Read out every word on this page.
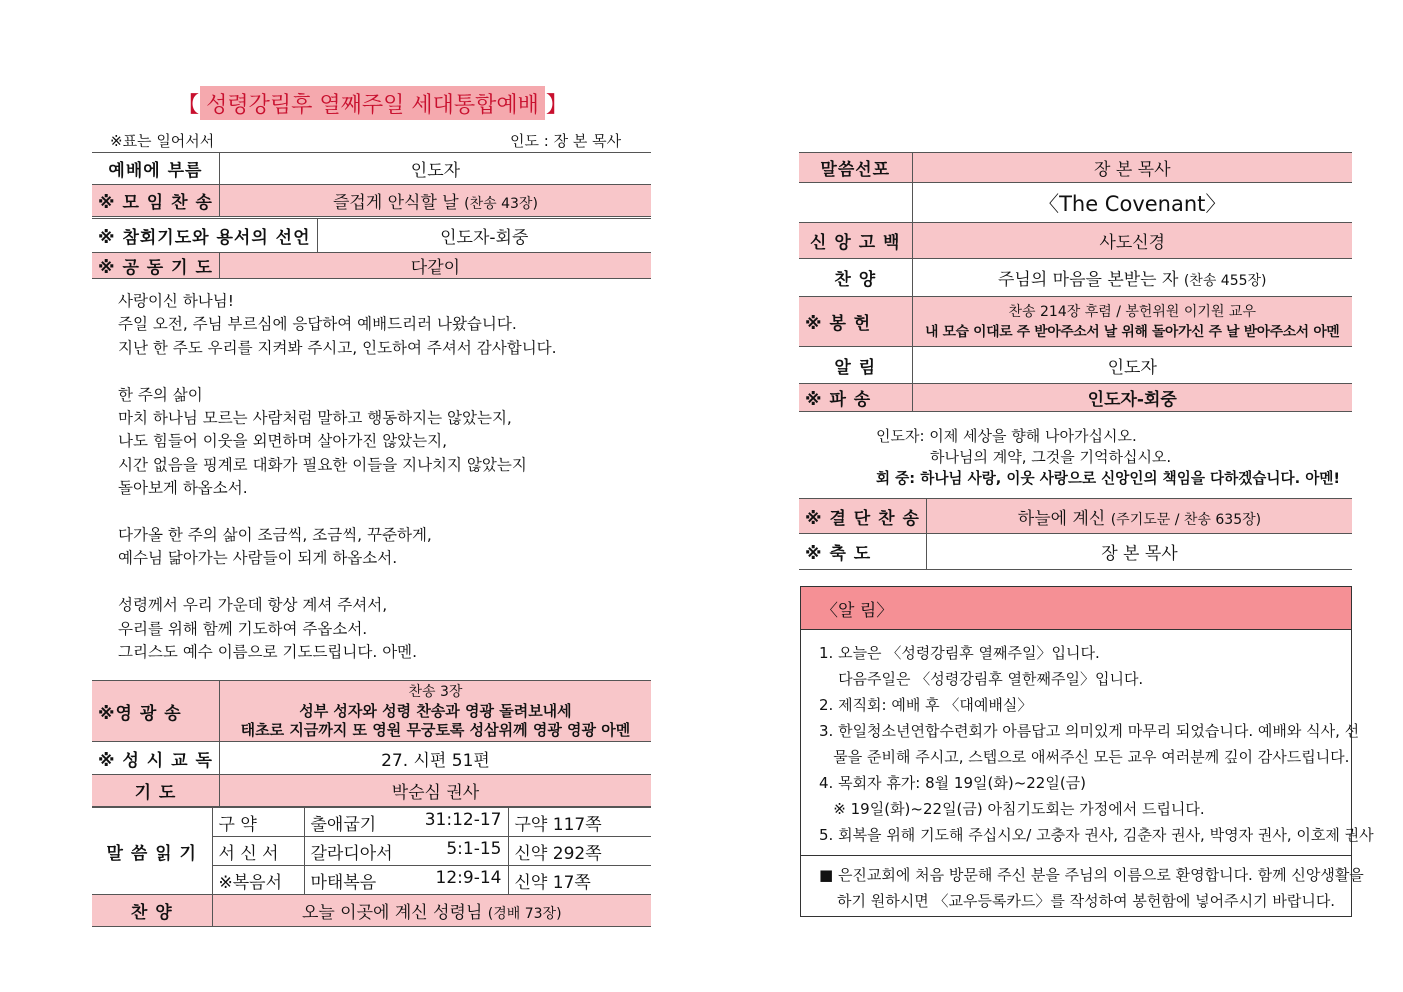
【 성령강림후 열째주일 세대통합예배 】
※표는 일어서서	인도 : 장 본 목사
예배에 부름	인도자
※ 모 임 찬 송	즐겁게 안식할 날 (찬송 43장)
※ 참회기도와 용서의 선언	인도자-회중
※ 공 동 기 도	다같이

사랑이신 하나님!

주일 오전, 주님 부르심에 응답하여 예배드리러 나왔습니다.

지난 한 주도 우리를 지켜봐 주시고, 인도하여 주셔서 감사합니다.

한 주의 삶이

마치 하나님 모르는 사람처럼 말하고 행동하지는 않았는지,

나도 힘들어 이웃을 외면하며 살아가진 않았는지,

시간 없음을 핑계로 대화가 필요한 이들을 지나치지 않았는지

돌아보게 하옵소서.

다가올 한 주의 삶이 조금씩, 조금씩, 꾸준하게,

예수님 닮아가는 사람들이 되게 하옵소서.

성령께서 우리 가운데 항상 계셔 주셔서,

우리를 위해 함께 기도하여 주옵소서.

그리스도 예수 이름으로 기도드립니다. 아멘.

※영 광 송	찬송 3장
성부 성자와 성령 찬송과 영광 돌려보내세
태초로 지금까지 또 영원 무궁토록 성삼위께 영광 영광 아멘

※ 성 시 교 독	27. 시편 51편
기 도	박순심 권사
말 씀 읽 기	구 약	출애굽기 31:12-17	구약 117쪽
	서 신 서	갈라디아서 5:1-15	신약 292쪽
	※복음서	마태복음 12:9-14	신약 17쪽
찬 양	오늘 이곳에 계신 성령님 (경배 73장)		
말씀선포	장 본 목사
	〈The Covenant〉
신 앙 고 백	사도신경
찬 양	주님의 마음을 본받는 자 (찬송 455장)
※ 봉 헌	찬송 214장 후렴 / 봉헌위원 이기원 교우
내 모습 이대로 주 받아주소서 날 위해 돌아가신 주 날 받아주소서 아멘

알 림	인도자
※ 파 송	인도자-회중
인도자: 이제 세상을 향해 나아가십시오.
하나님의 계약, 그것을 기억하십시오.
회 중: 하나님 사랑, 이웃 사랑으로 신앙인의 책임을 다하겠습니다. 아멘!
※ 결 단 찬 송	하늘에 계신 (주기도문 / 찬송 635장)
※ 축 도	장 본 목사
〈알 림〉
1. 오늘은 〈성령강림후 열째주일〉입니다.
다음주일은 〈성령강림후 열한째주일〉입니다.
2. 제직회: 예배 후 〈대예배실〉
3. 한일청소년연합수련회가 아름답고 의미있게 마무리 되었습니다. 예배와 식사, 선
물을 준비해 주시고, 스텝으로 애써주신 모든 교우 여러분께 깊이 감사드립니다.
4. 목회자 휴가: 8월 19일(화)~22일(금)
※ 19일(화)~22일(금) 아침기도회는 가정에서 드립니다.
5. 회복을 위해 기도해 주십시오/ 고충자 권사, 김춘자 권사, 박영자 권사, 이호제 권사
■ 은진교회에 처음 방문해 주신 분을 주님의 이름으로 환영합니다. 함께 신앙생활을
하기 원하시면 〈교우등록카드〉를 작성하여 봉헌함에 넣어주시기 바랍니다.
